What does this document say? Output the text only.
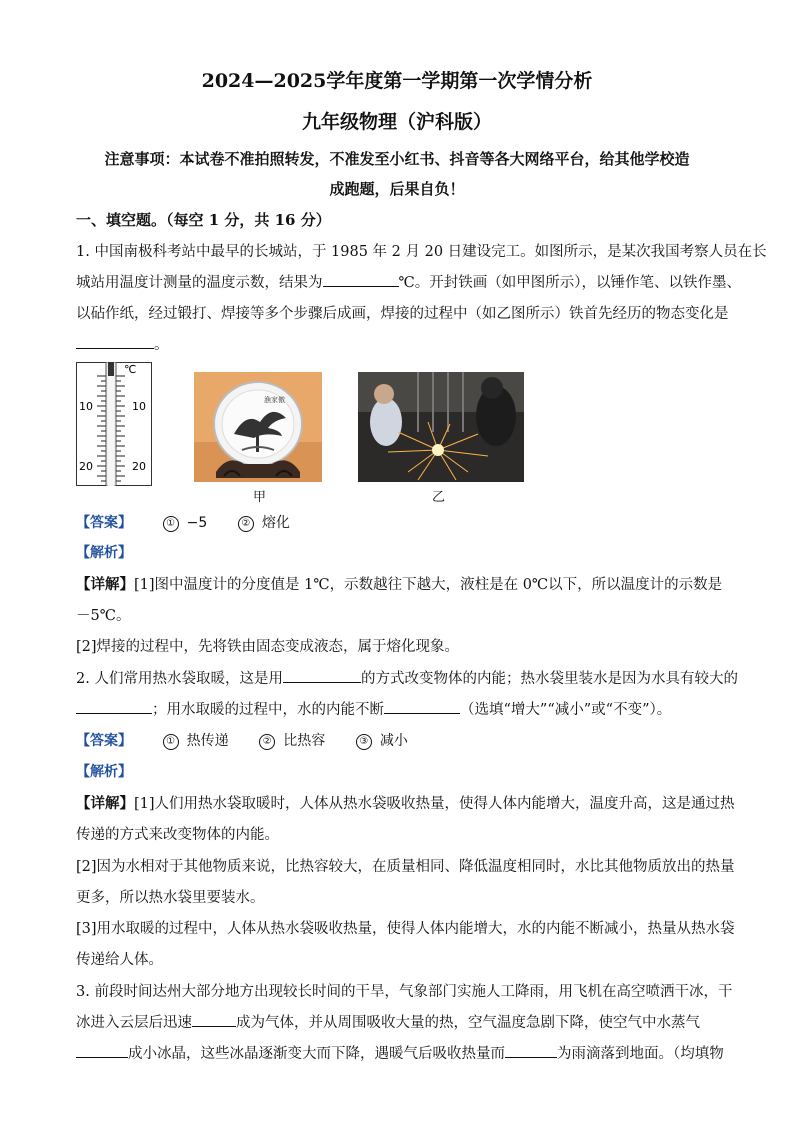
2024—2025学年度第一学期第一次学情分析
九年级物理（沪科版）
注意事项：本试卷不准拍照转发，不准发至小红书、抖音等各大网络平台，给其他学校造
成跑题，后果自负！
一、填空题。（每空 1 分，共 16 分）
1. 中国南极科考站中最早的长城站，于 1985 年 2 月 20 日建设完工。如图所示，是某次我国考察人员在长
城站用温度计测量的温度示数，结果为	℃。开封铁画（如甲图所示），以锤作笔、以铁作墨、
以砧作纸，经过锻打、焊接等多个步骤后成画，焊接的过程中（如乙图所示）铁首先经历的物态变化是
。
℃
10
20
10
20
漁家傲
甲	乙
【答案】	① −5	② 熔化
【解析】
【详解】[1]图中温度计的分度值是 1℃，示数越往下越大，液柱是在 0℃以下，所以温度计的示数是
－5℃。
[2]焊接的过程中，先将铁由固态变成液态，属于熔化现象。
2. 人们常用热水袋取暖，这是用	的方式改变物体的内能；热水袋里装水是因为水具有较大的
；用水取暖的过程中，水的内能不断	（选填“增大”“减小”或“不变”）。
【答案】	① 热传递	② 比热容	③ 减小
【解析】
【详解】[1]人们用热水袋取暖时，人体从热水袋吸收热量，使得人体内能增大，温度升高，这是通过热
传递的方式来改变物体的内能。
[2]因为水相对于其他物质来说，比热容较大，在质量相同、降低温度相同时，水比其他物质放出的热量
更多，所以热水袋里要装水。
[3]用水取暖的过程中，人体从热水袋吸收热量，使得人体内能增大，水的内能不断减小，热量从热水袋
传递给人体。
3. 前段时间达州大部分地方出现较长时间的干旱，气象部门实施人工降雨，用飞机在高空喷洒干冰，干
冰进入云层后迅速	成为气体，并从周围吸收大量的热，空气温度急剧下降，使空气中水蒸气
成小冰晶，这些冰晶逐渐变大而下降，遇暖气后吸收热量而	为雨滴落到地面。（均填物
